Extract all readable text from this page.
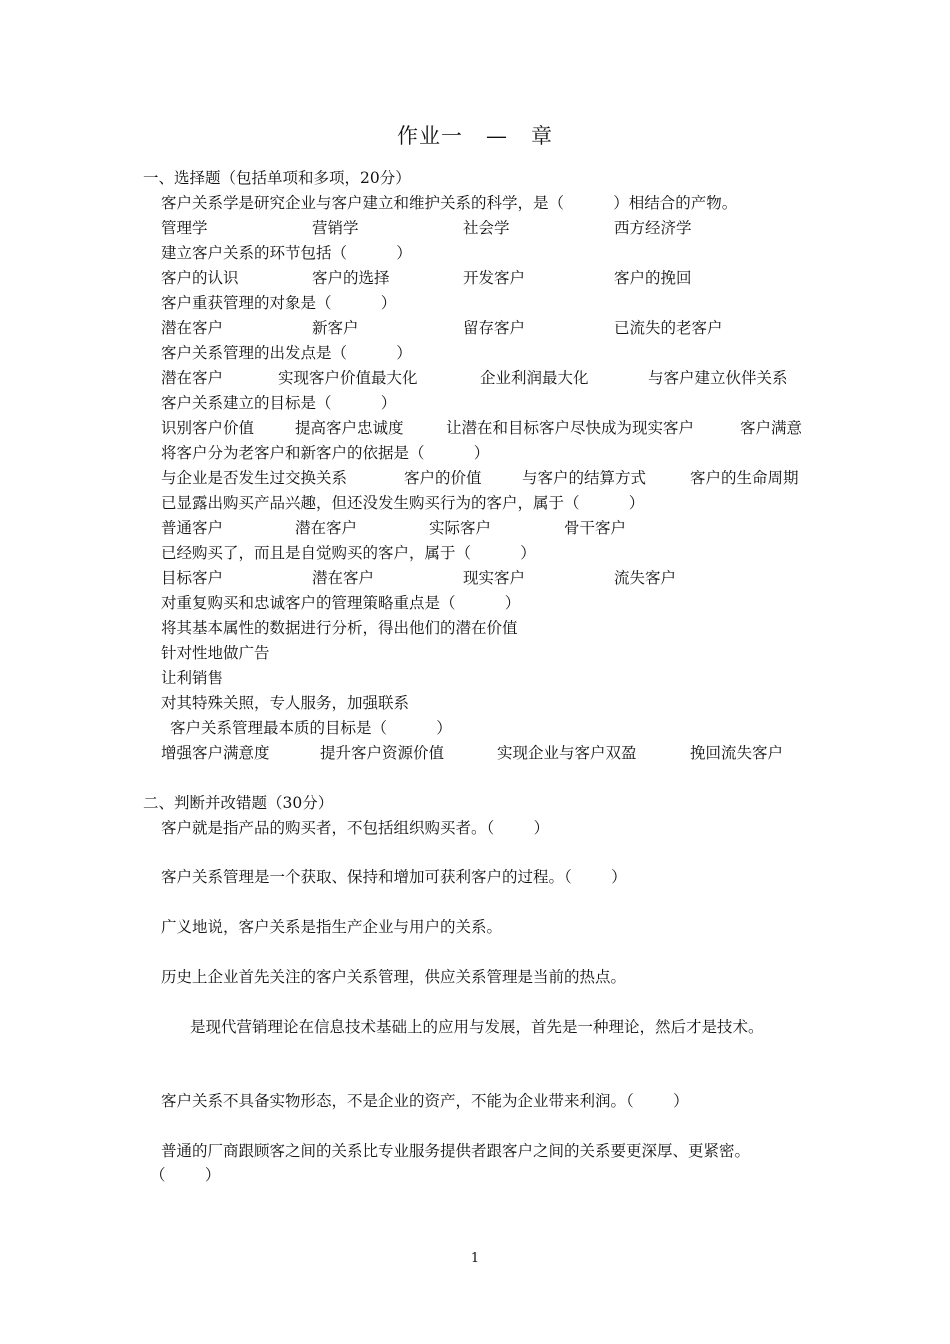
作业一   —   章
一、选择题（包括单项和多项，20分）
客户关系学是研究企业与客户建立和维护关系的科学，是（          ）相结合的产物。
管理学	营销学	社会学	西方经济学
建立客户关系的环节包括（          ）
客户的认识	客户的选择	开发客户	客户的挽回
客户重获管理的对象是（          ）
潜在客户	新客户	留存客户	已流失的老客户
客户关系管理的出发点是（          ）
潜在客户	实现客户价值最大化	企业利润最大化	与客户建立伙伴关系
客户关系建立的目标是（          ）
识别客户价值	提高客户忠诚度	让潜在和目标客户尽快成为现实客户	客户满意
将客户分为老客户和新客户的依据是（          ）
与企业是否发生过交换关系	客户的价值	与客户的结算方式	客户的生命周期
已显露出购买产品兴趣，但还没发生购买行为的客户，属于（          ）
普通客户	潜在客户	实际客户	骨干客户
已经购买了，而且是自觉购买的客户，属于（          ）
目标客户	潜在客户	现实客户	流失客户
对重复购买和忠诚客户的管理策略重点是（          ）
将其基本属性的数据进行分析，得出他们的潜在价值
针对性地做广告
让利销售
对其特殊关照，专人服务，加强联系
客户关系管理最本质的目标是（          ）
增强客户满意度	提升客户资源价值	实现企业与客户双盈	挽回流失客户
二、判断并改错题（30分）
客户就是指产品的购买者，不包括组织购买者。（        ）
客户关系管理是一个获取、保持和增加可获利客户的过程。（        ）
广义地说，客户关系是指生产企业与用户的关系。
历史上企业首先关注的客户关系管理，供应关系管理是当前的热点。
是现代营销理论在信息技术基础上的应用与发展，首先是一种理论，然后才是技术。
客户关系不具备实物形态，不是企业的资产，不能为企业带来利润。（        ）
普通的厂商跟顾客之间的关系比专业服务提供者跟客户之间的关系要更深厚、更紧密。
（        ）
1
